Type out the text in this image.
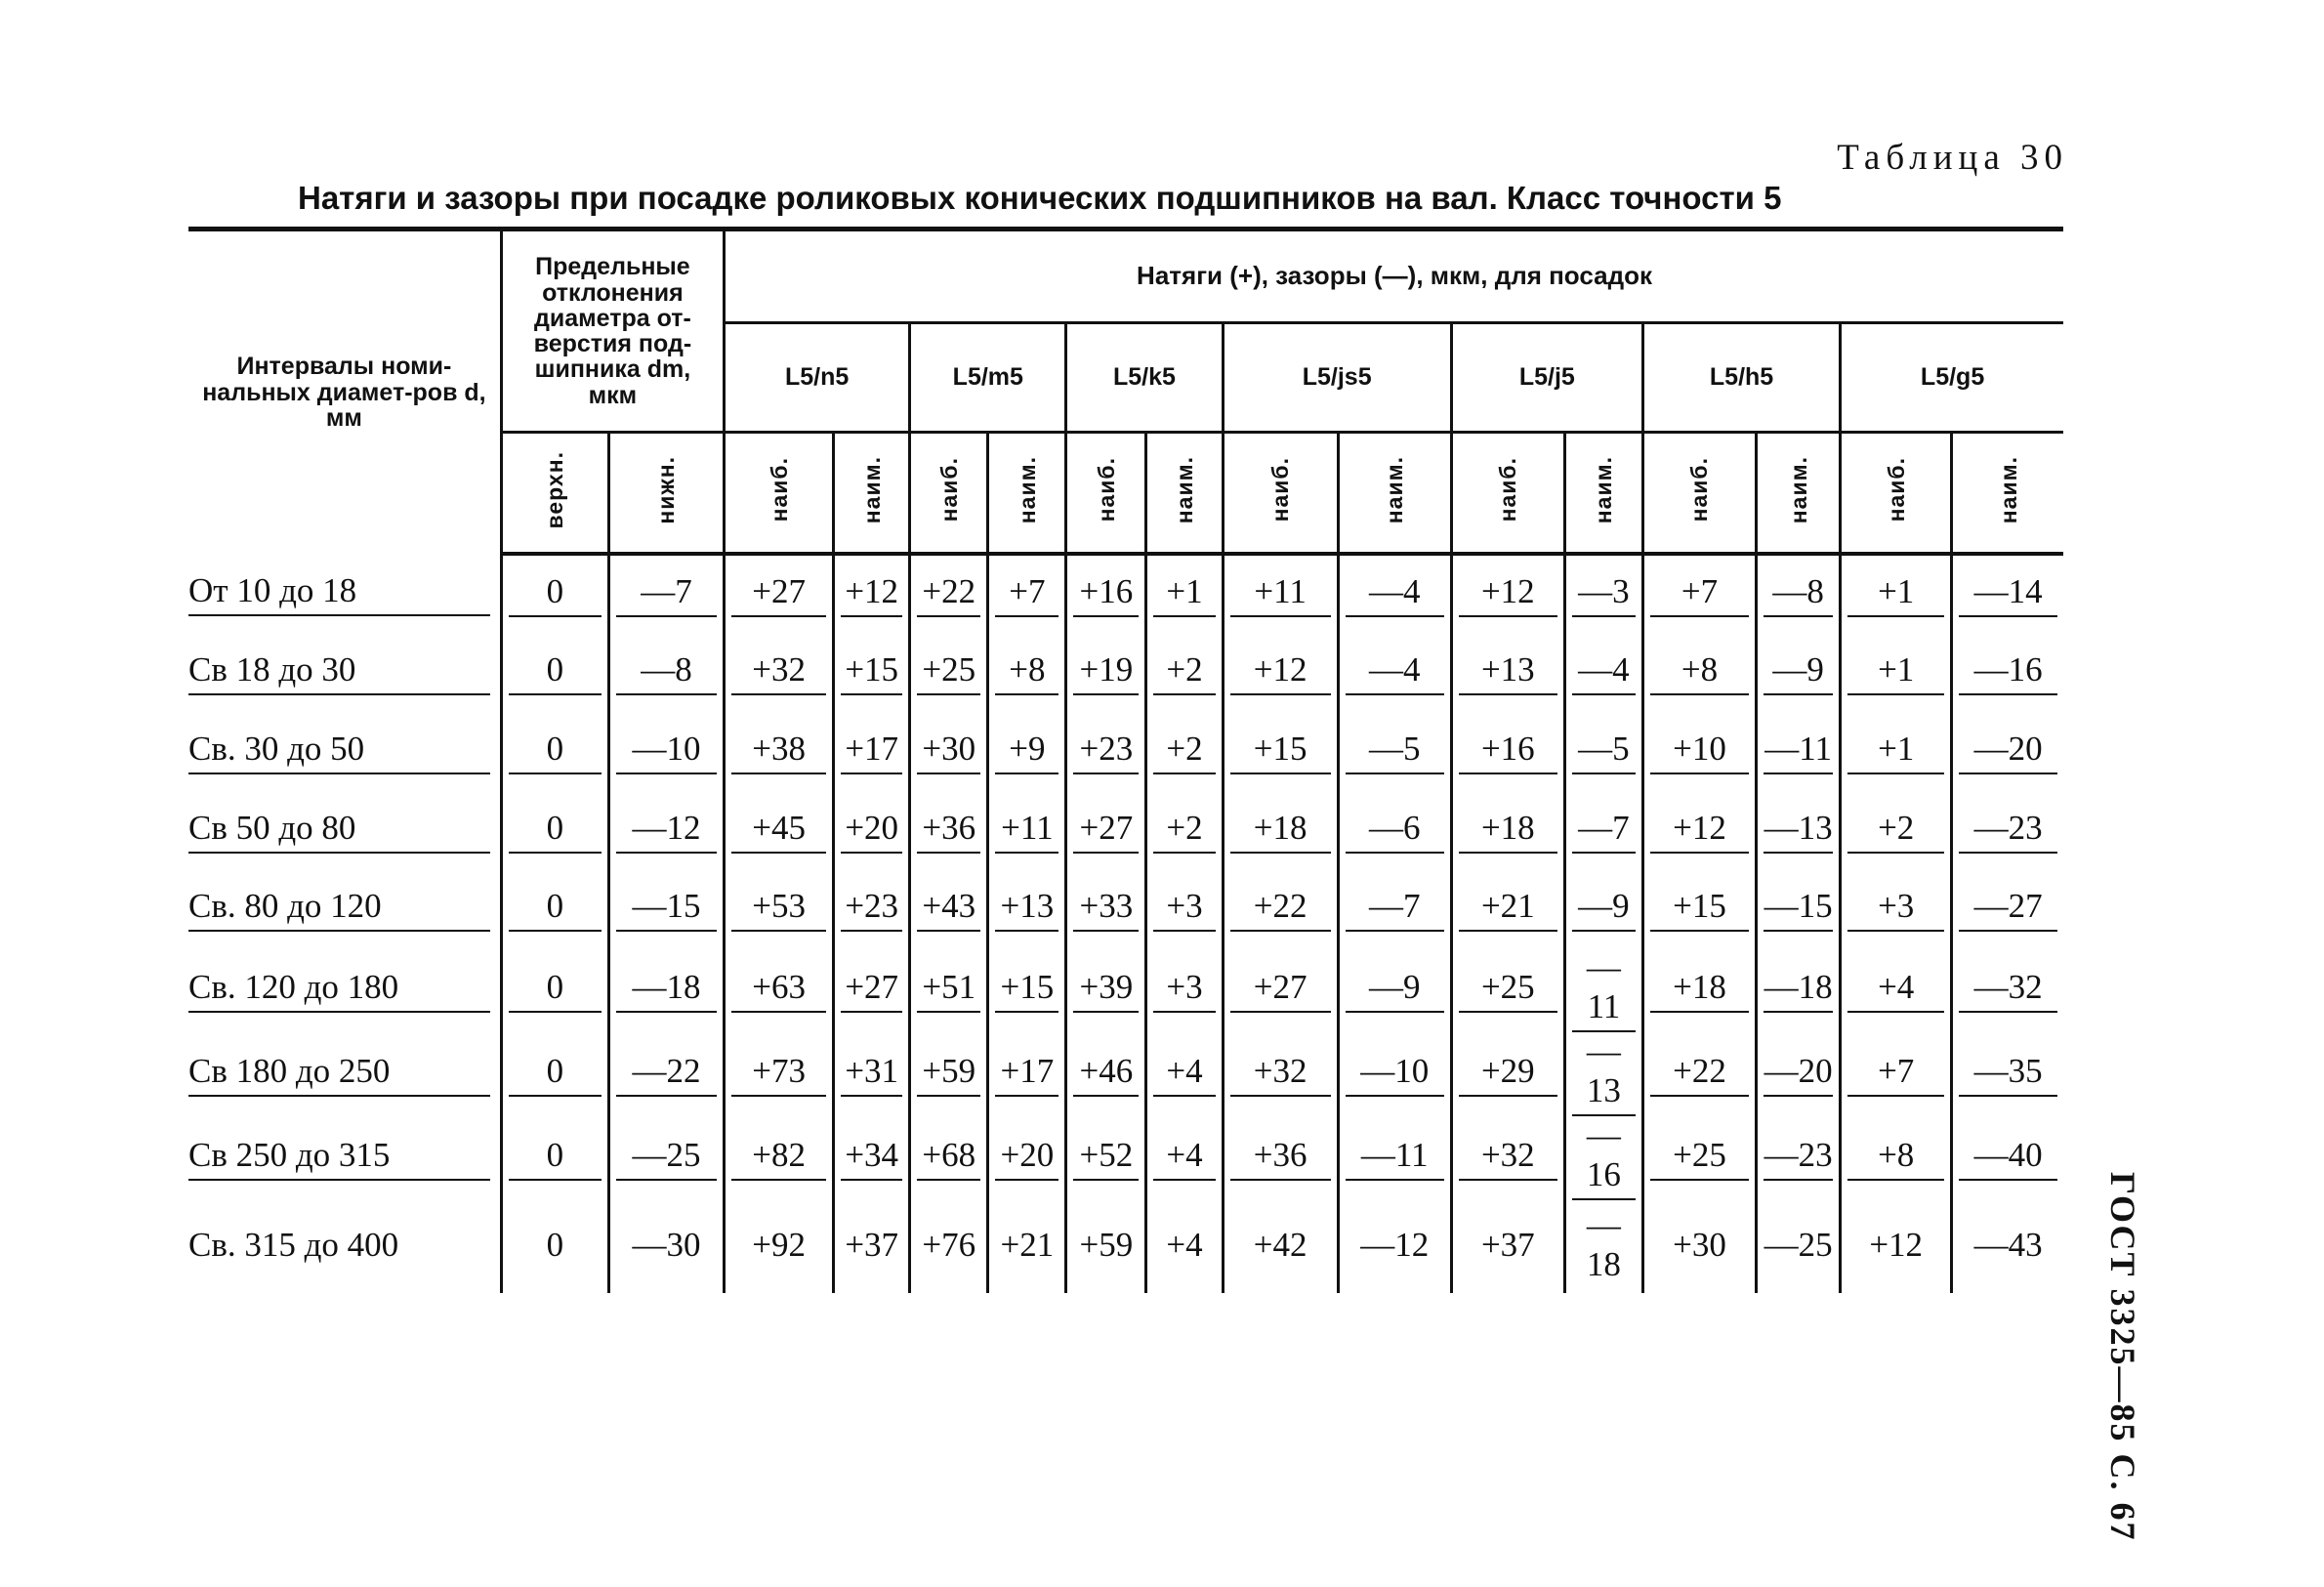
Таблица 30
Натяги и зазоры при посадке роликовых конических подшипников на вал. Класс точности 5
ГОСТ 3325—85 С. 67
Интервалы номи-нальных диамет-ров d, мм	Предельные отклонения диаметра от-верстия под-шипника dm, мкм		Натяги (+), зазоры (—), мкм, для посадок													
			L5/n5		L5/m5		L5/k5		L5/js5		L5/j5		L5/h5		L5/g5	
	верхн.	нижн.	наиб.	наим.	наиб.	наим.	наиб.	наим.	наиб.	наим.	наиб.	наим.	наиб.	наим.	наиб.	наим.

От 10 до 18	0	—7	+27	+12	+22	+7	+16	+1	+11	—4	+12	—3	+7	—8	+1	—14

Св 18 до 30	0	—8	+32	+15	+25	+8	+19	+2	+12	—4	+13	—4	+8	—9	+1	—16

Св. 30 до 50	0	—10	+38	+17	+30	+9	+23	+2	+15	—5	+16	—5	+10	—11	+1	—20

Св 50 до 80	0	—12	+45	+20	+36	+11	+27	+2	+18	—6	+18	—7	+12	—13	+2	—23

Св. 80 до 120	0	—15	+53	+23	+43	+13	+33	+3	+22	—7	+21	—9	+15	—15	+3	—27

Св. 120 до 180	0	—18	+63	+27	+51	+15	+39	+3	+27	—9	+25	—11	+18	—18	+4	—32

Св 180 до 250	0	—22	+73	+31	+59	+17	+46	+4	+32	—10	+29	—13	+22	—20	+7	—35

Св 250 до 315	0	—25	+82	+34	+68	+20	+52	+4	+36	—11	+32	—16	+25	—23	+8	—40

Св. 315 до 400	0	—30	+92	+37	+76	+21	+59	+4	+42	—12	+37	—18	+30	—25	+12	—43
